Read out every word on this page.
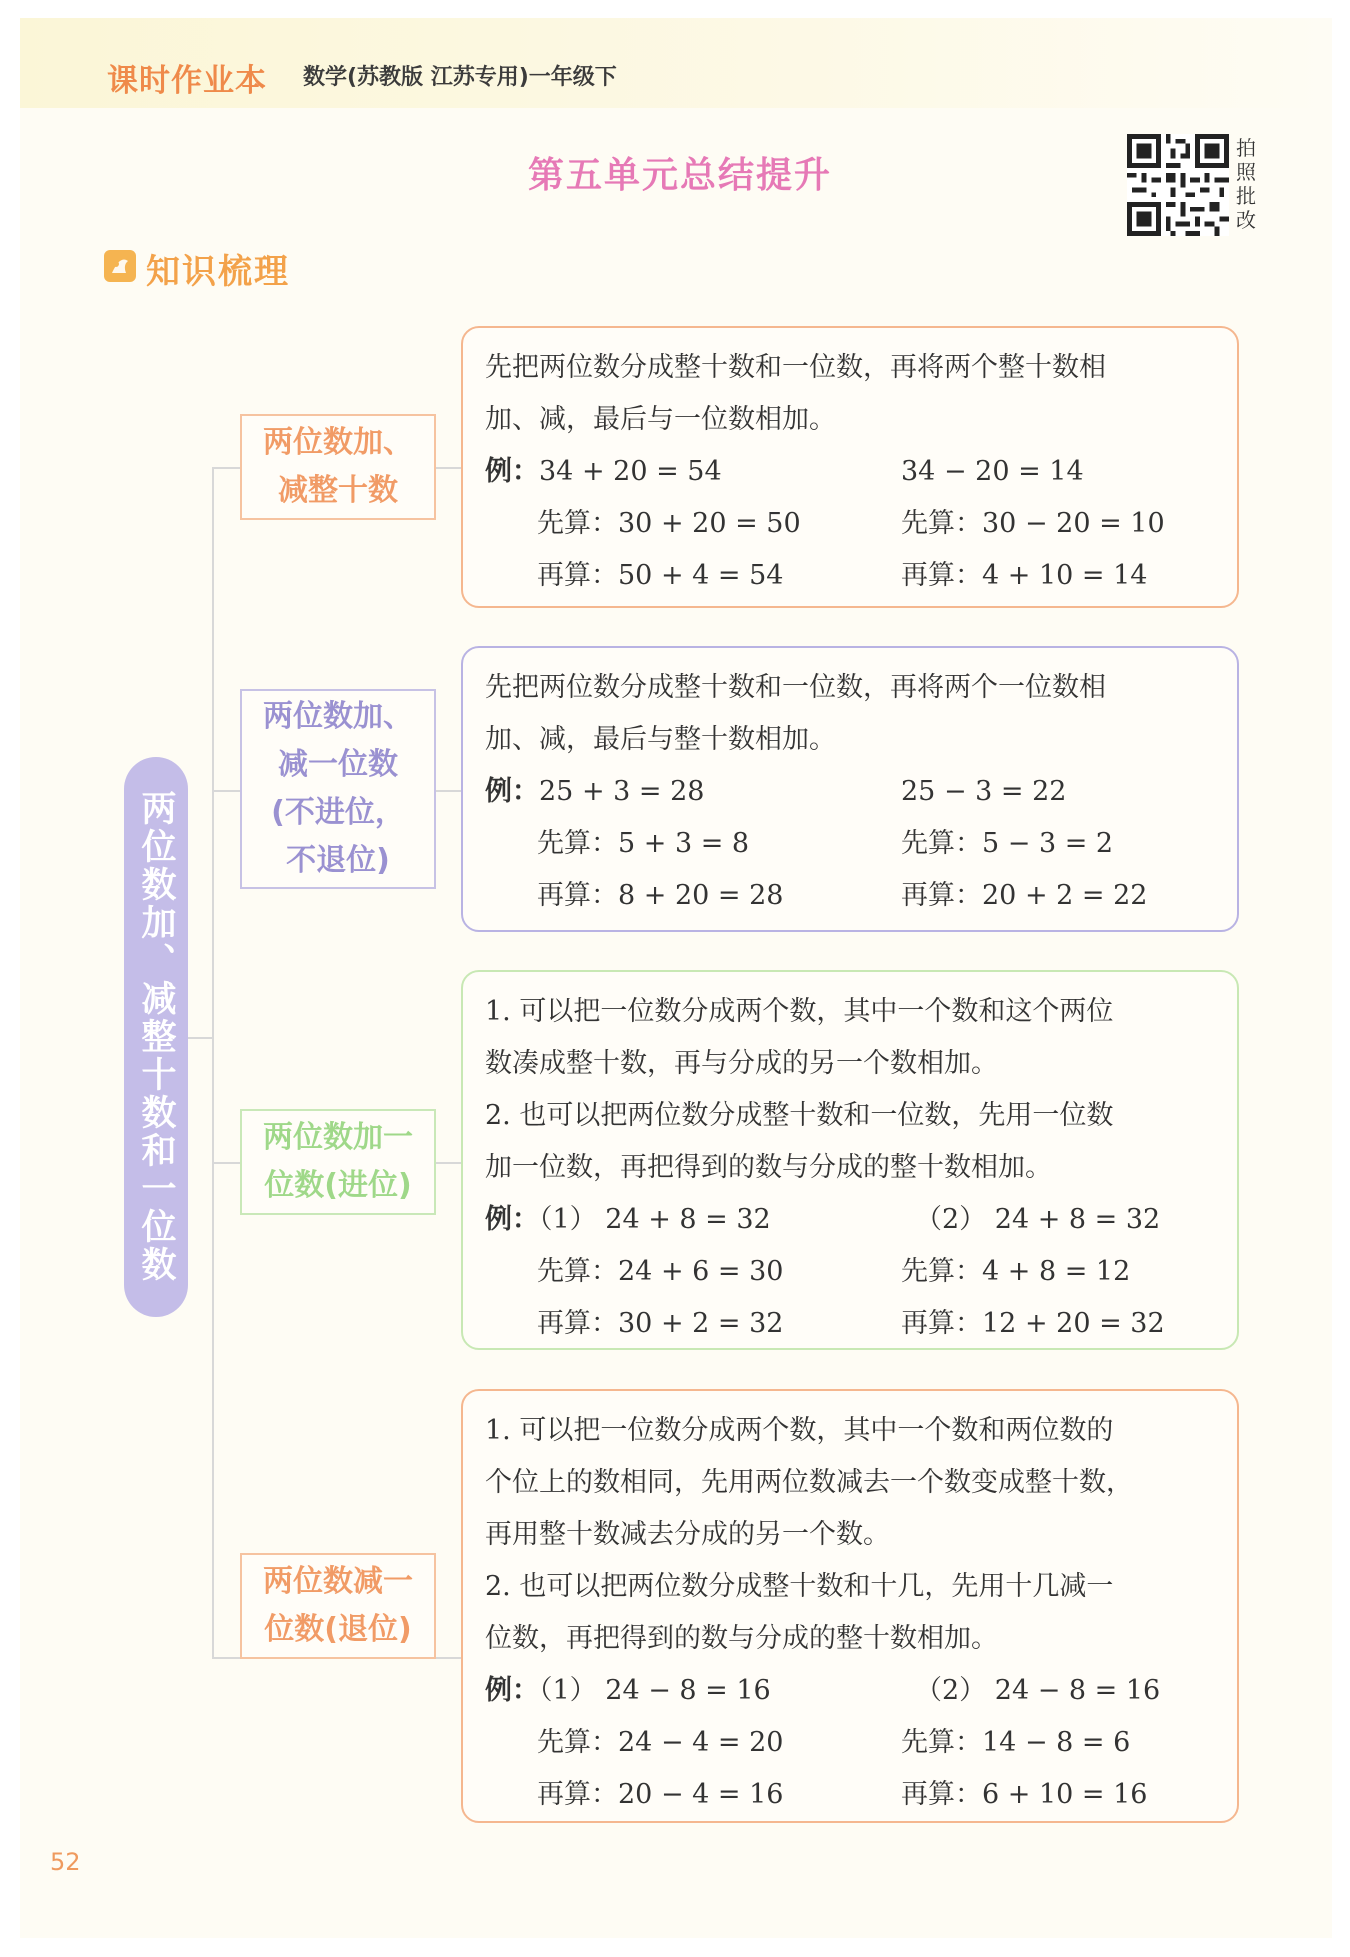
课时作业本 数学(苏教版 江苏专用)一年级下
第五单元总结提升
拍
照
批
改
知识梳理
两位数加、减整十数和一位数
两位数加、
减整十数
先把两位数分成整十数和一位数，再将两个整十数相
加、减，最后与一位数相加。
例：34 + 20 = 54	34 − 20 = 14
先算：30 + 20 = 50	先算：30 − 20 = 10
再算：50 + 4 = 54	再算：4 + 10 = 14
两位数加、
减一位数
(不进位，
不退位)
先把两位数分成整十数和一位数，再将两个一位数相
加、减，最后与整十数相加。
例：25 + 3 = 28	25 − 3 = 22
先算：5 + 3 = 8	先算：5 − 3 = 2
再算：8 + 20 = 28	再算：20 + 2 = 22
两位数加一
位数(进位)
1. 可以把一位数分成两个数，其中一个数和这个两位
数凑成整十数，再与分成的另一个数相加。
2. 也可以把两位数分成整十数和一位数，先用一位数
加一位数，再把得到的数与分成的整十数相加。
例：（1） 24 + 8 = 32	（2） 24 + 8 = 32
先算：24 + 6 = 30	先算：4 + 8 = 12
再算：30 + 2 = 32	再算：12 + 20 = 32
两位数减一
位数(退位)
1. 可以把一位数分成两个数，其中一个数和两位数的
个位上的数相同，先用两位数减去一个数变成整十数，
再用整十数减去分成的另一个数。
2. 也可以把两位数分成整十数和十几，先用十几减一
位数，再把得到的数与分成的整十数相加。
例：（1） 24 − 8 = 16	（2） 24 − 8 = 16
先算：24 − 4 = 20	先算：14 − 8 = 6
再算：20 − 4 = 16	再算：6 + 10 = 16
52
